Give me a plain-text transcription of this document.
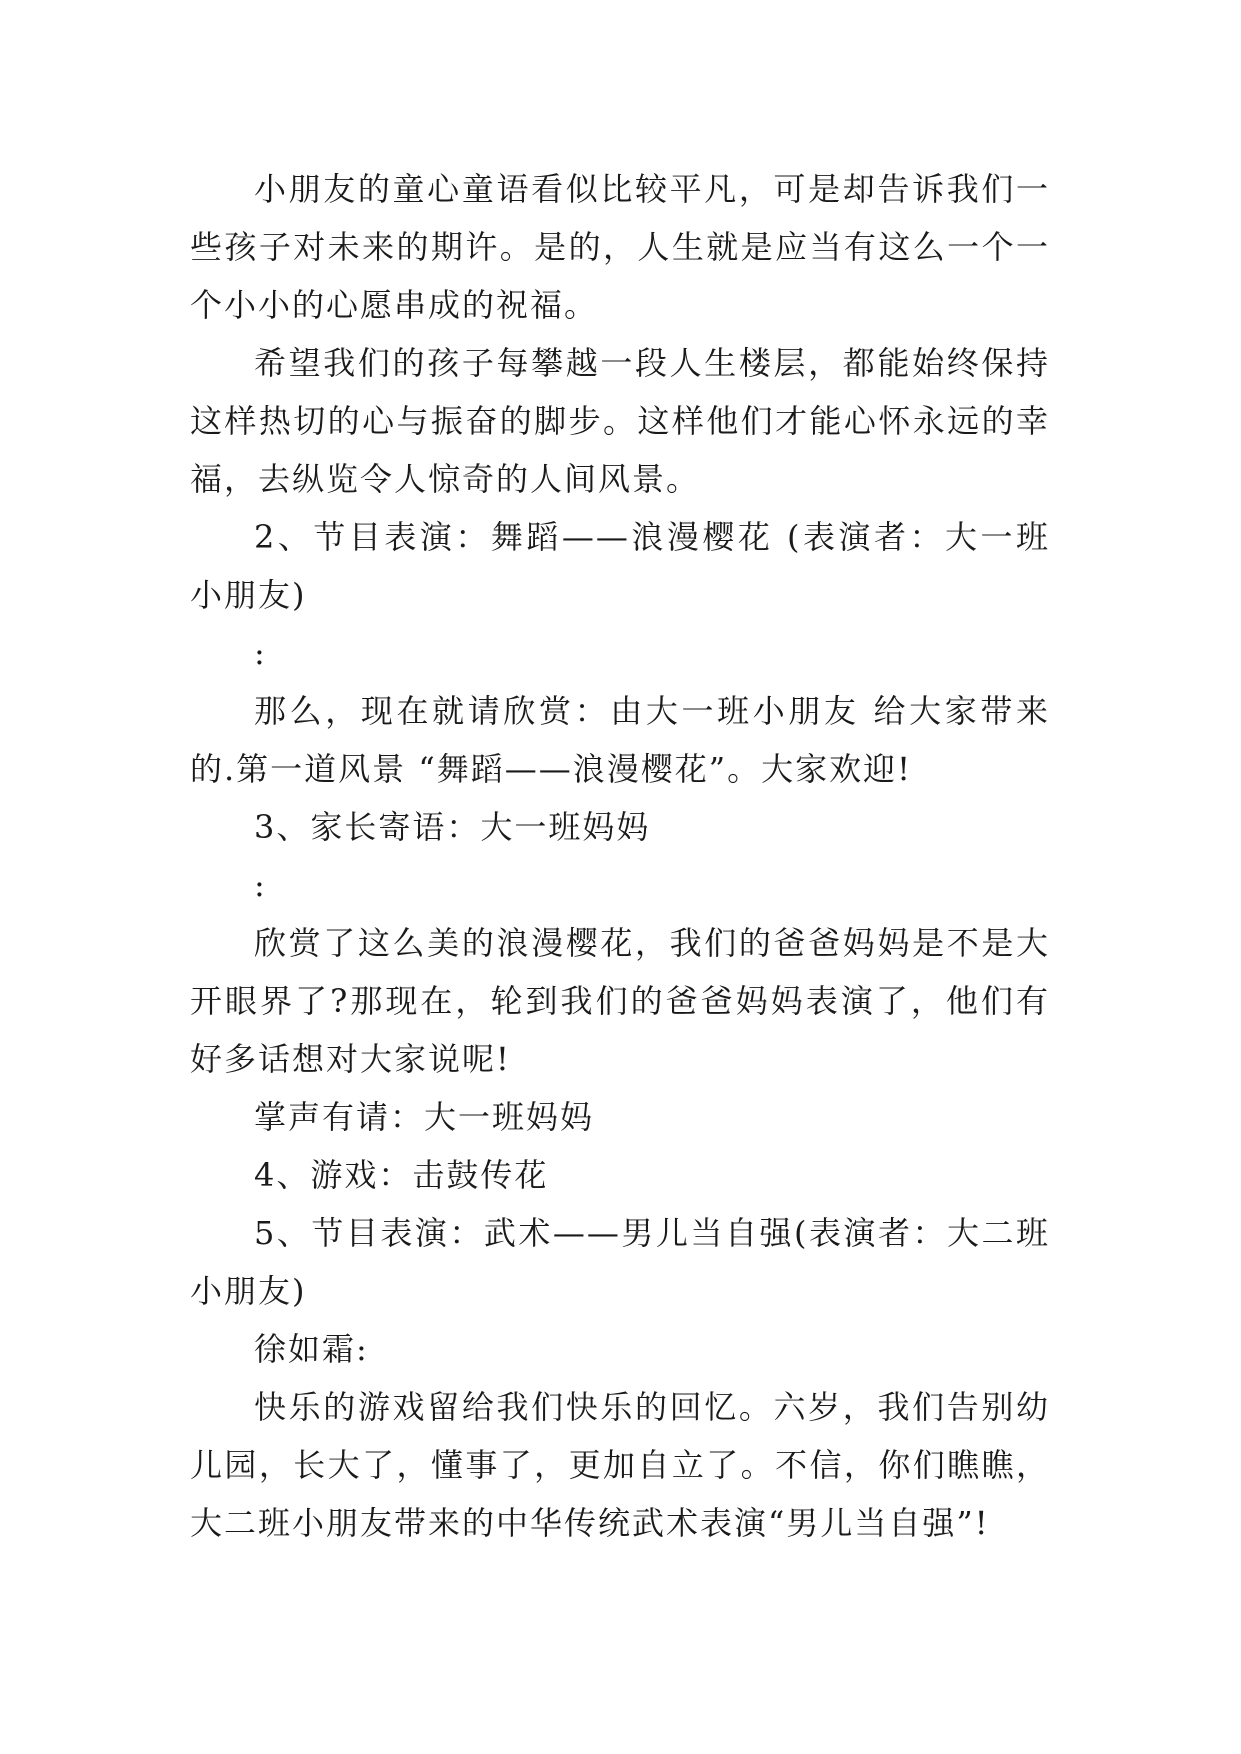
小朋友的童心童语看似比较平凡，可是却告诉我们一些孩子对未来的期许。是的，人生就是应当有这么一个一个小小的心愿串成的祝福。

希望我们的孩子每攀越一段人生楼层，都能始终保持这样热切的心与振奋的脚步。这样他们才能心怀永远的幸福，去纵览令人惊奇的人间风景。

2、节目表演：舞蹈——浪漫樱花 (表演者：大一班小朋友)

:

那么，现在就请欣赏：由大一班小朋友 给大家带来的.第一道风景 “舞蹈——浪漫樱花”。大家欢迎!

3、家长寄语：大一班妈妈

:

欣赏了这么美的浪漫樱花，我们的爸爸妈妈是不是大开眼界了?那现在，轮到我们的爸爸妈妈表演了，他们有好多话想对大家说呢!

掌声有请：大一班妈妈

4、游戏：击鼓传花

5、节目表演：武术——男儿当自强(表演者：大二班小朋友)

徐如霜:

快乐的游戏留给我们快乐的回忆。六岁，我们告别幼儿园，长大了，懂事了，更加自立了。不信，你们瞧瞧，大二班小朋友带来的中华传统武术表演“男儿当自强”!
